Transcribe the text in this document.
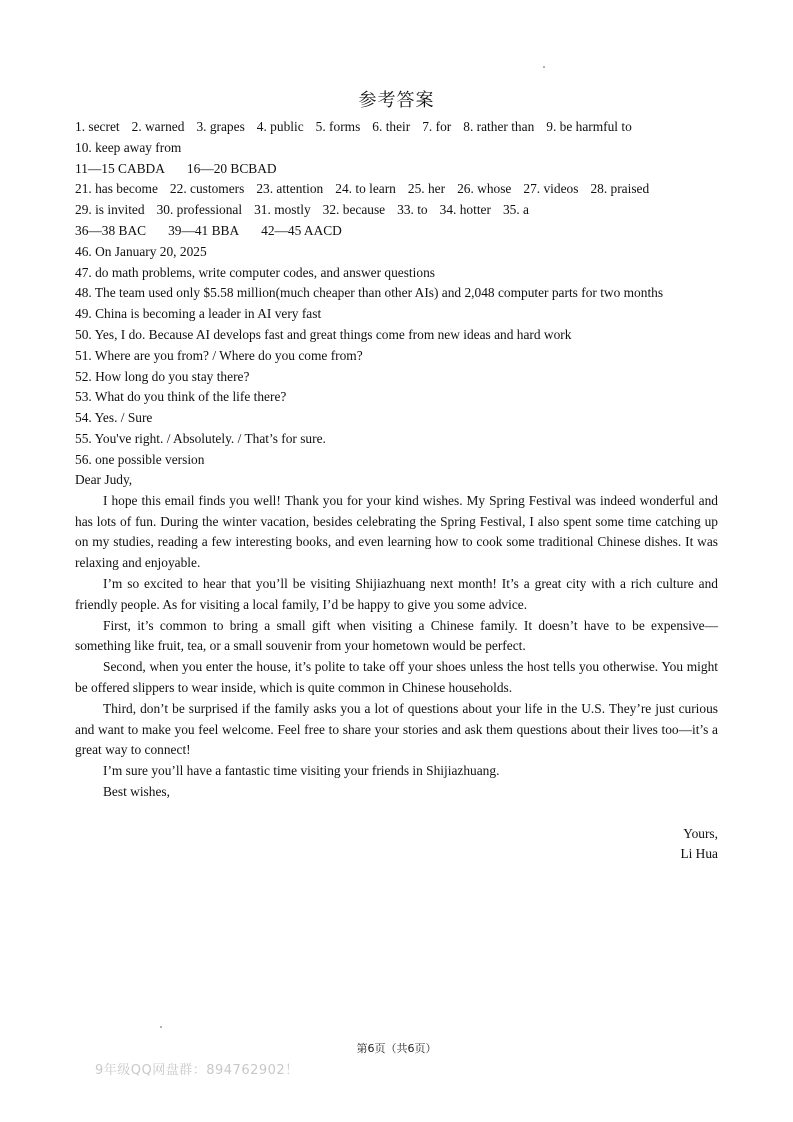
参考答案
1. secret 2. warned 3. grapes 4. public 5. forms 6. their 7. for 8. rather than 9. be harmful to
10. keep away from
11—15 CABDA 16—20 BCBAD
21. has become 22. customers 23. attention 24. to learn 25. her 26. whose 27. videos 28. praised
29. is invited 30. professional 31. mostly 32. because 33. to 34. hotter 35. a
36—38 BAC 39—41 BBA 42—45 AACD
46. On January 20, 2025
47. do math problems, write computer codes, and answer questions
48. The team used only $5.58 million(much cheaper than other AIs) and 2,048 computer parts for two months
49. China is becoming a leader in AI very fast
50. Yes, I do. Because AI develops fast and great things come from new ideas and hard work
51. Where are you from? / Where do you come from?
52. How long do you stay there?
53. What do you think of the life there?
54. Yes. / Sure
55. You've right. / Absolutely. / That’s for sure.
56. one possible version

Dear Judy,

I hope this email finds you well! Thank you for your kind wishes. My Spring Festival was indeed wonderful and has lots of fun. During the winter vacation, besides celebrating the Spring Festival, I also spent some time catching up on my studies, reading a few interesting books, and even learning how to cook some traditional Chinese dishes. It was relaxing and enjoyable.

I’m so excited to hear that you’ll be visiting Shijiazhuang next month! It’s a great city with a rich culture and friendly people. As for visiting a local family, I’d be happy to give you some advice.

First, it’s common to bring a small gift when visiting a Chinese family. It doesn’t have to be expensive—something like fruit, tea, or a small souvenir from your hometown would be perfect.

Second, when you enter the house, it’s polite to take off your shoes unless the host tells you otherwise. You might be offered slippers to wear inside, which is quite common in Chinese households.

Third, don’t be surprised if the family asks you a lot of questions about your life in the U.S. They’re just curious and want to make you feel welcome. Feel free to share your stories and ask them questions about their lives too—it’s a great way to connect!

I’m sure you’ll have a fantastic time visiting your friends in Shijiazhuang.

Best wishes,

Yours,

Li Hua

第6页（共6页）
9年级QQ网盘群：894762902！
